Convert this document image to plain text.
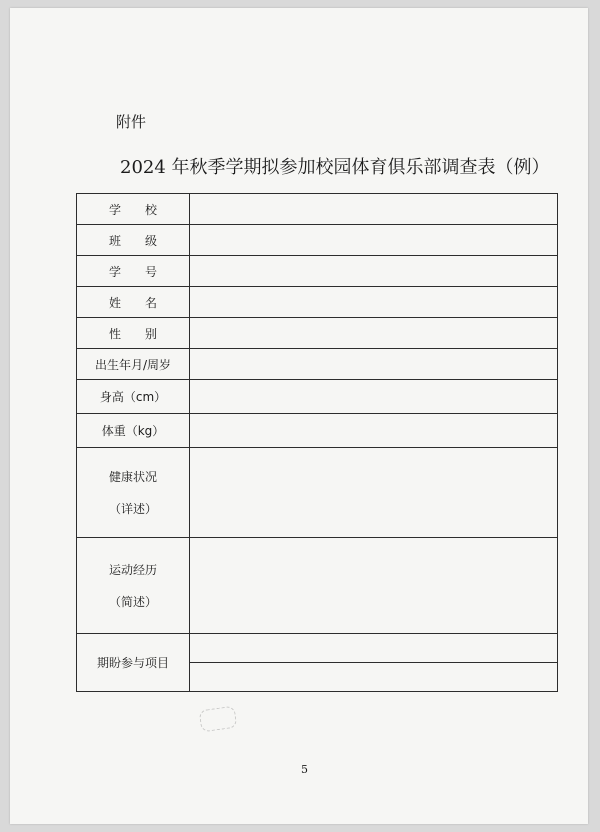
附件
2024 年秋季学期拟参加校园体育俱乐部调查表（例）
学　　校	
班　　级	
学　　号	
姓　　名	
性　　别	
出生年月/周岁	
身高（cm）	
体重（kg）	

健康状况
（详述）	

运动经历
（简述）	

期盼参与项目	
5
